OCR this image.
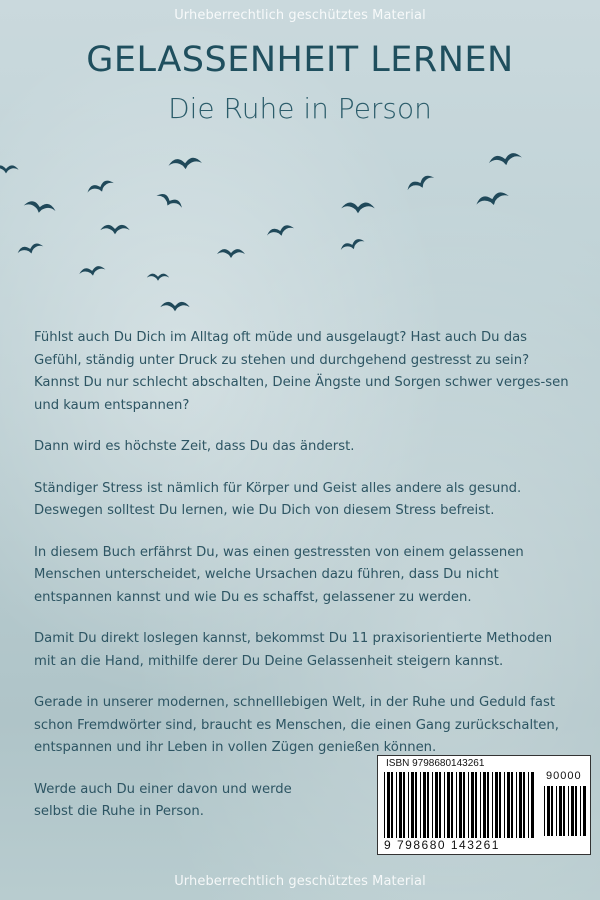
Urheberrechtlich geschütztes Material
GELASSENHEIT LERNEN
Die Ruhe in Person

Fühlst auch Du Dich im Alltag oft müde und ausgelaugt? Hast auch Du das Gefühl, ständig unter Druck zu stehen und durchgehend gestresst zu sein? Kannst Du nur schlecht abschalten, Deine Ängste und Sorgen schwer verges-sen und kaum entspannen?

Dann wird es höchste Zeit, dass Du das änderst.

Ständiger Stress ist nämlich für Körper und Geist alles andere als gesund. Deswegen solltest Du lernen, wie Du Dich von diesem Stress befreist.

In diesem Buch erfährst Du, was einen gestressten von einem gelassenen Menschen unterscheidet, welche Ursachen dazu führen, dass Du nicht entspannen kannst und wie Du es schaffst, gelassener zu werden.

Damit Du direkt loslegen kannst, bekommst Du 11 praxisorientierte Methoden mit an die Hand, mithilfe derer Du Deine Gelassenheit steigern kannst.

Gerade in unserer modernen, schnelllebigen Welt, in der Ruhe und Geduld fast schon Fremdwörter sind, braucht es Menschen, die einen Gang zurückschalten, entspannen und ihr Leben in vollen Zügen genießen können.

Werde auch Du einer davon und werde selbst die Ruhe in Person.

ISBN 9798680143261
90000
9 798680 143261
Urheberrechtlich geschütztes Material
